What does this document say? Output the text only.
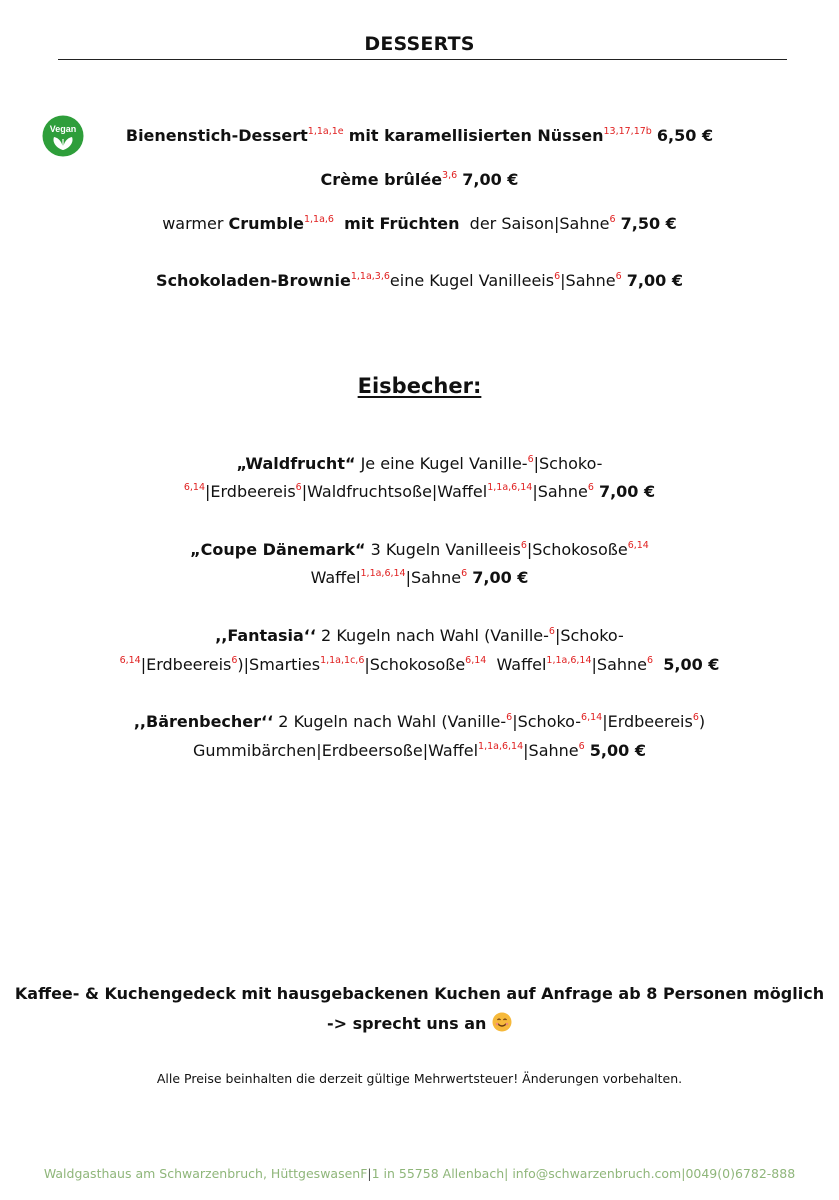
DESSERTS
Vegan	Bienenstich-Dessert$^{1,1a,1e}$ mit karamellisierten Nüssen$^{13,17,17b}$ 6,50 €
Crème brûlée$^{3,6}$ 7,00 €
warmer Crumble$^{1,1a,6}$ mit Früchten der Saison|Sahne$^6$ 7,50 €
Schokoladen-Brownie$^{1,1a,3,6}$eine Kugel Vanilleeis$^6$|Sahne$^6$ 7,00 €
Eisbecher:
„Waldfrucht“ Je eine Kugel Vanille-$^6$|Schoko-
$^{6,14}$|Erdbeereis$^6$|Waldfruchtsoße|Waffel$^{1,1a,6,14}$|Sahne$^6$ 7,00 €
„Coupe Dänemark“ 3 Kugeln Vanilleeis$^6$|Schokosoße$^{6,14}$
Waffel$^{1,1a,6,14}$|Sahne$^6$ 7,00 €
,,Fantasia‘‘ 2 Kugeln nach Wahl (Vanille-$^6$|Schoko-
$^{6,14}$|Erdbeereis$^6$)|Smarties$^{1,1a,1c,6}$|Schokosoße$^{6,14}$ Waffel$^{1,1a,6,14}$|Sahne$^6$ 5,00 €
,,Bärenbecher‘‘ 2 Kugeln nach Wahl (Vanille-$^6$|Schoko-$^{6,14}$|Erdbeereis$^6$)
Gummibärchen|Erdbeersoße|Waffel$^{1,1a,6,14}$|Sahne$^6$ 5,00 €
Kaffee- & Kuchengedeck mit hausgebackenen Kuchen auf Anfrage ab 8 Personen möglich
-> sprecht uns an
Alle Preise beinhalten die derzeit gültige Mehrwertsteuer! Änderungen vorbehalten.
Waldgasthaus am Schwarzenbruch, HüttgeswasenF|1 in 55758 Allenbach| info@schwarzenbruch.com|0049(0)6782-888
